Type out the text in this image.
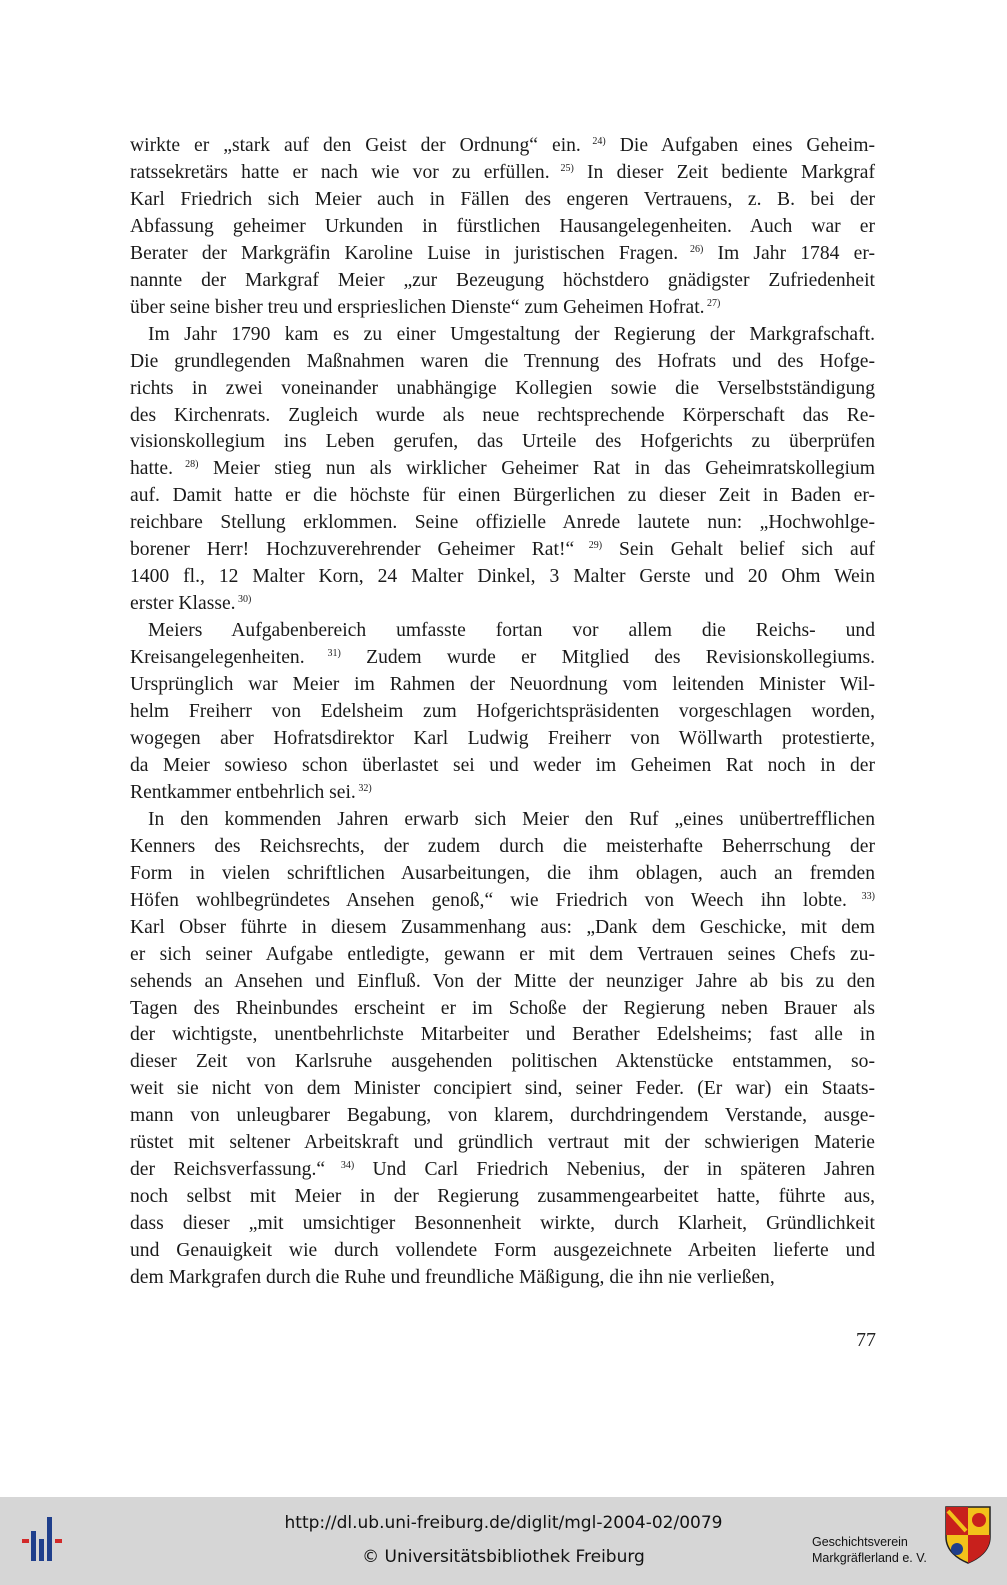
wirkte er „stark auf den Geist der Ordnung“ ein. $^{24)}$ Die Aufgaben eines Geheim-
ratssekretärs hatte er nach wie vor zu erfüllen. $^{25)}$ In dieser Zeit bediente Markgraf
Karl Friedrich sich Meier auch in Fällen des engeren Vertrauens, z. B. bei der
Abfassung geheimer Urkunden in fürstlichen Hausangelegenheiten. Auch war er
Berater der Markgräfin Karoline Luise in juristischen Fragen. $^{26)}$ Im Jahr 1784 er-
nannte der Markgraf Meier „zur Bezeugung höchstdero gnädigster Zufriedenheit
über seine bisher treu und erspriеslichen Dienste“ zum Geheimen Hofrat. $^{27)}$

Im Jahr 1790 kam es zu einer Umgestaltung der Regierung der Markgrafschaft.
Die grundlegenden Maßnahmen waren die Trennung des Hofrats und des Hofge-
richts in zwei voneinander unabhängige Kollegien sowie die Verselbstständigung
des Kirchenrats. Zugleich wurde als neue rechtsprechende Körperschaft das Re-
visionskollegium ins Leben gerufen, das Urteile des Hofgerichts zu überprüfen
hatte. $^{28)}$ Meier stieg nun als wirklicher Geheimer Rat in das Geheimratskollegium
auf. Damit hatte er die höchste für einen Bürgerlichen zu dieser Zeit in Baden er-
reichbare Stellung erklommen. Seine offizielle Anrede lautete nun: „Hochwohlge-
borener Herr! Hochzuverehrender Geheimer Rat!“ $^{29)}$ Sein Gehalt belief sich auf
1400 fl., 12 Malter Korn, 24 Malter Dinkel, 3 Malter Gerste und 20 Ohm Wein
erster Klasse. $^{30)}$

Meiers Aufgabenbereich umfasste fortan vor allem die Reichs- und
Kreisangelegenheiten. $^{31)}$ Zudem wurde er Mitglied des Revisionskollegiums.
Ursprünglich war Meier im Rahmen der Neuordnung vom leitenden Minister Wil-
helm Freiherr von Edelsheim zum Hofgerichtspräsidenten vorgeschlagen worden,
wogegen aber Hofratsdirektor Karl Ludwig Freiherr von Wöllwarth protestierte,
da Meier sowieso schon überlastet sei und weder im Geheimen Rat noch in der
Rentkammer entbehrlich sei. $^{32)}$

In den kommenden Jahren erwarb sich Meier den Ruf „eines unübertrefflichen
Kenners des Reichsrechts, der zudem durch die meisterhafte Beherrschung der
Form in vielen schriftlichen Ausarbeitungen, die ihm oblagen, auch an fremden
Höfen wohlbegründetes Ansehen genoß,“ wie Friedrich von Weech ihn lobte. $^{33)}$
Karl Obser führte in diesem Zusammenhang aus: „Dank dem Geschicke, mit dem
er sich seiner Aufgabe entledigte, gewann er mit dem Vertrauen seines Chefs zu-
sehends an Ansehen und Einfluß. Von der Mitte der neunziger Jahre ab bis zu den
Tagen des Rheinbundes erscheint er im Schoße der Regierung neben Brauer als
der wichtigste, unentbehrlichste Mitarbeiter und Berather Edelsheims; fast alle in
dieser Zeit von Karlsruhe ausgehenden politischen Aktenstücke entstammen, so-
weit sie nicht von dem Minister concipiert sind, seiner Feder. (Er war) ein Staats-
mann von unleugbarer Begabung, von klarem, durchdringendem Verstande, ausge-
rüstet mit seltener Arbeitskraft und gründlich vertraut mit der schwierigen Materie
der Reichsverfassung.“ $^{34)}$ Und Carl Friedrich Nebenius, der in späteren Jahren
noch selbst mit Meier in der Regierung zusammengearbeitet hatte, führte aus,
dass dieser „mit umsichtiger Besonnenheit wirkte, durch Klarheit, Gründlichkeit
und Genauigkeit wie durch vollendete Form ausgezeichnete Arbeiten lieferte und
dem Markgrafen durch die Ruhe und freundliche Mäßigung, die ihn nie verließen,

77
http://dl.ub.uni-freiburg.de/diglit/mgl-2004-02/0079
© Universitätsbibliothek Freiburg
Geschichtsverein
Markgräflerland e. V.
